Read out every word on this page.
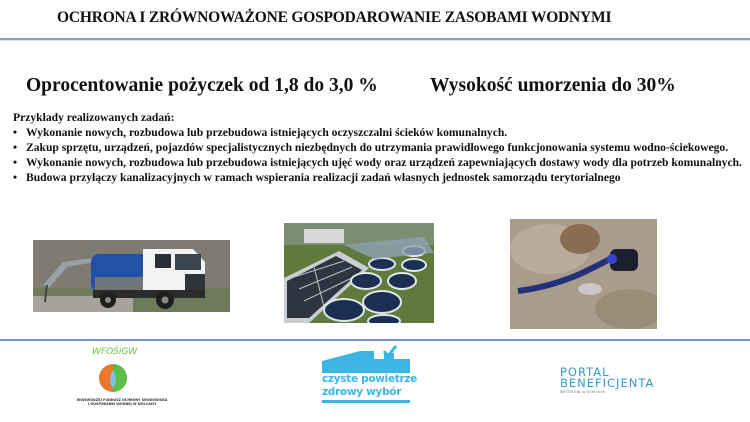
OCHRONA I ZRÓWNOWAŻONE GOSPODAROWANIE ZASOBAMI WODNYMI
Oprocentowanie pożyczek od 1,8 do 3,0 %	Wysokość umorzenia do 30%
Przykłady realizowanych zadań:
• Wykonanie nowych, rozbudowa lub przebudowa istniejących oczyszczalni ścieków komunalnych.
• Zakup sprzętu, urządzeń, pojazdów specjalistycznych niezbędnych do utrzymania prawidłowego funkcjonowania systemu wodno-ściekowego.
• Wykonanie nowych, rozbudowa lub przebudowa istniejących ujęć wody oraz urządzeń zapewniających dostawy wody dla potrzeb komunalnych.
• Budowa przyłączy kanalizacyjnych w ramach wspierania realizacji zadań własnych jednostek samorządu terytorialnego
WFOŚiGW
WOJEWÓDZKI FUNDUSZ OCHRONY ŚRODOWISKA
I GOSPODARKI WODNEJ W KIELCACH
czyste powietrze
zdrowy wybór
PORTAL
BENEFICJENTA
WFOŚiGW w Kielcach
